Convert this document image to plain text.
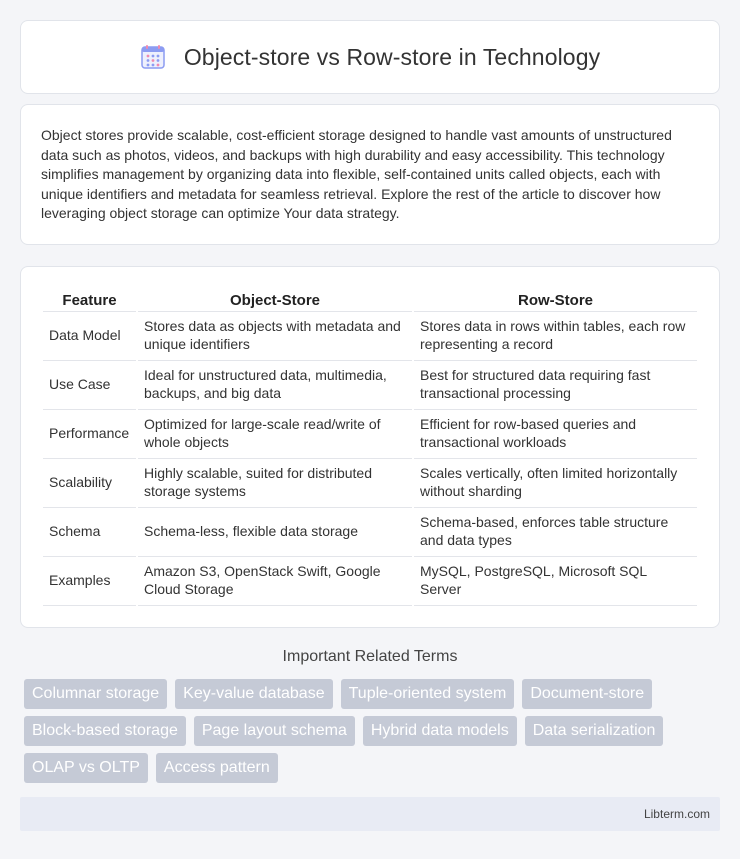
Object-store vs Row-store in Technology

Object stores provide scalable, cost-efficient storage designed to handle vast amounts of unstructured data such as photos, videos, and backups with high durability and easy accessibility. This technology simplifies management by organizing data into flexible, self-contained units called objects, each with unique identifiers and metadata for seamless retrieval. Explore the rest of the article to discover how leveraging object storage can optimize Your data strategy.

Feature	Object-Store	Row-Store
Data Model	Stores data as objects with metadata and unique identifiers	Stores data in rows within tables, each row representing a record
Use Case	Ideal for unstructured data, multimedia, backups, and big data	Best for structured data requiring fast transactional processing
Performance	Optimized for large-scale read/write of whole objects	Efficient for row-based queries and transactional workloads
Scalability	Highly scalable, suited for distributed storage systems	Scales vertically, often limited horizontally without sharding
Schema	Schema-less, flexible data storage	Schema-based, enforces table structure and data types
Examples	Amazon S3, OpenStack Swift, Google Cloud Storage	MySQL, PostgreSQL, Microsoft SQL Server
Important Related Terms
Columnar storage	Key-value database	Tuple-oriented system	Document-store
Block-based storage	Page layout schema	Hybrid data models	Data serialization
OLAP vs OLTP	Access pattern
Libterm.com
